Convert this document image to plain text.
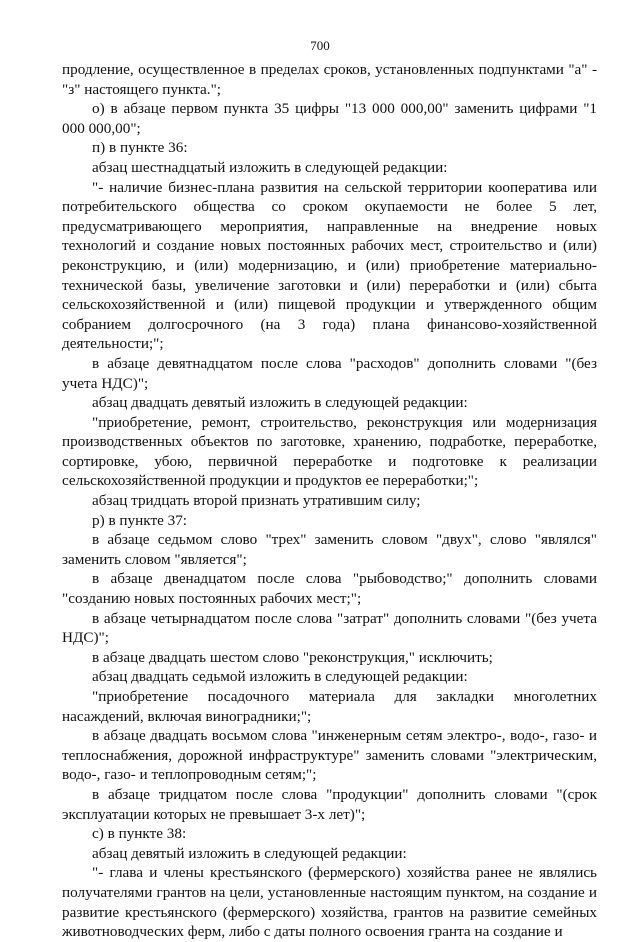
700

продление, осуществленное в пределах сроков, установленных подпунктами "а" - "з" настоящего пункта.";

о) в абзаце первом пункта 35 цифры "13 000 000,00" заменить цифрами "1 000 000,00";

п) в пункте 36:

абзац шестнадцатый изложить в следующей редакции:

"- наличие бизнес-плана развития на сельской территории кооператива или потребительского общества со сроком окупаемости не более 5 лет, предусматривающего мероприятия, направленные на внедрение новых технологий и создание новых постоянных рабочих мест, строительство и (или) реконструкцию, и (или) модернизацию, и (или) приобретение материально-технической базы, увеличение заготовки и (или) переработки и (или) сбыта сельскохозяйственной и (или) пищевой продукции и утвержденного общим собранием долгосрочного (на 3 года) плана финансово-хозяйственной деятельности;";

в абзаце девятнадцатом после слова "расходов" дополнить словами "(без учета НДС)";

абзац двадцать девятый изложить в следующей редакции:

"приобретение, ремонт, строительство, реконструкция или модернизация производственных объектов по заготовке, хранению, подработке, переработке, сортировке, убою, первичной переработке и подготовке к реализации сельскохозяйственной продукции и продуктов ее переработки;";

абзац тридцать второй признать утратившим силу;

р) в пункте 37:

в абзаце седьмом слово "трех" заменить словом "двух", слово "являлся" заменить словом "является";

в абзаце двенадцатом после слова "рыбоводство;" дополнить словами "созданию новых постоянных рабочих мест;";

в абзаце четырнадцатом после слова "затрат" дополнить словами "(без учета НДС)";

в абзаце двадцать шестом слово "реконструкция," исключить;

абзац двадцать седьмой изложить в следующей редакции:

"приобретение посадочного материала для закладки многолетних насаждений, включая виноградники;";

в абзаце двадцать восьмом слова "инженерным сетям электро-, водо-, газо- и теплоснабжения, дорожной инфраструктуре" заменить словами "электрическим, водо-, газо- и теплопроводным сетям;";

в абзаце тридцатом после слова "продукции" дополнить словами "(срок эксплуатации которых не превышает 3-х лет)";

с) в пункте 38:

абзац девятый изложить в следующей редакции:

"- глава и члены крестьянского (фермерского) хозяйства ранее не являлись получателями грантов на цели, установленные настоящим пунктом, на создание и развитие крестьянского (фермерского) хозяйства, грантов на развитие семейных животноводческих ферм, либо с даты полного освоения гранта на создание и
